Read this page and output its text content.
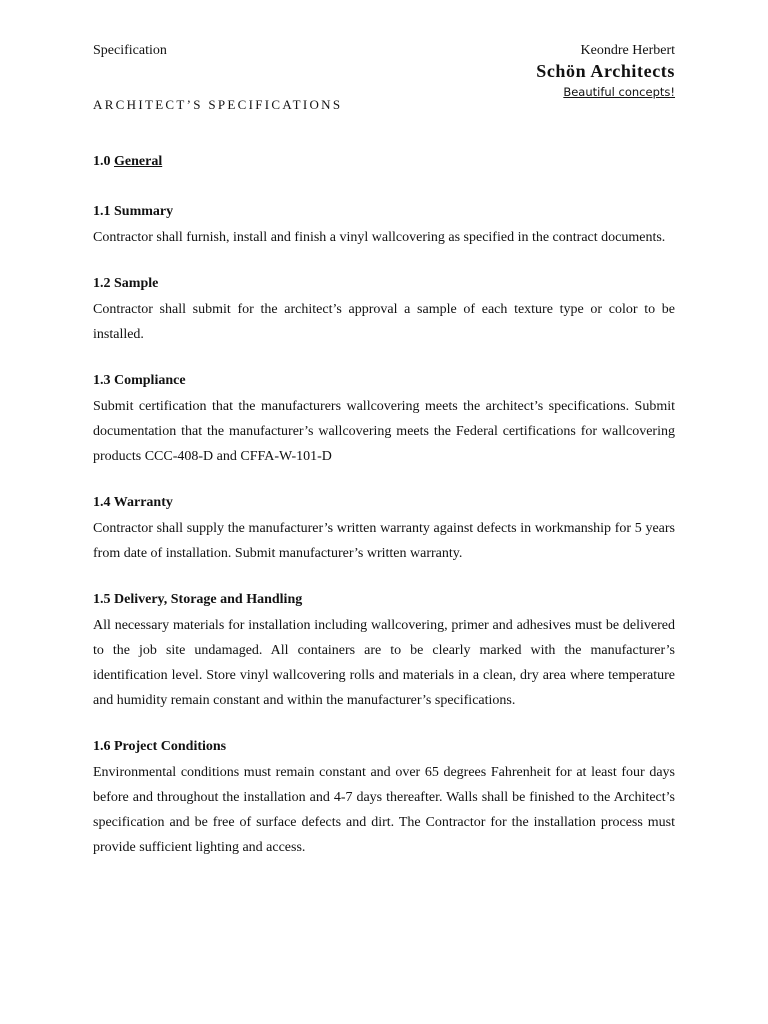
Specification	Keondre Herbert
Schön Architects
Beautiful concepts!
ARCHITECT’S SPECIFICATIONS
1.0 General
1.1 Summary
Contractor shall furnish, install and finish a vinyl wallcovering as specified in the contract documents.
1.2 Sample
Contractor shall submit for the architect’s approval a sample of each texture type or color to be installed.
1.3 Compliance
Submit certification that the manufacturers wallcovering meets the architect’s specifications. Submit documentation that the manufacturer’s wallcovering meets the Federal certifications for wallcovering products CCC-408-D and CFFA-W-101-D
1.4 Warranty
Contractor shall supply the manufacturer’s written warranty against defects in workmanship for 5 years from date of installation. Submit manufacturer’s written warranty.
1.5 Delivery, Storage and Handling
All necessary materials for installation including wallcovering, primer and adhesives must be delivered to the job site undamaged. All containers are to be clearly marked with the manufacturer’s identification level. Store vinyl wallcovering rolls and materials in a clean, dry area where temperature and humidity remain constant and within the manufacturer’s specifications.
1.6 Project Conditions
Environmental conditions must remain constant and over 65 degrees Fahrenheit for at least four days before and throughout the installation and 4-7 days thereafter. Walls shall be finished to the Architect’s specification and be free of surface defects and dirt. The Contractor for the installation process must provide sufficient lighting and access.
